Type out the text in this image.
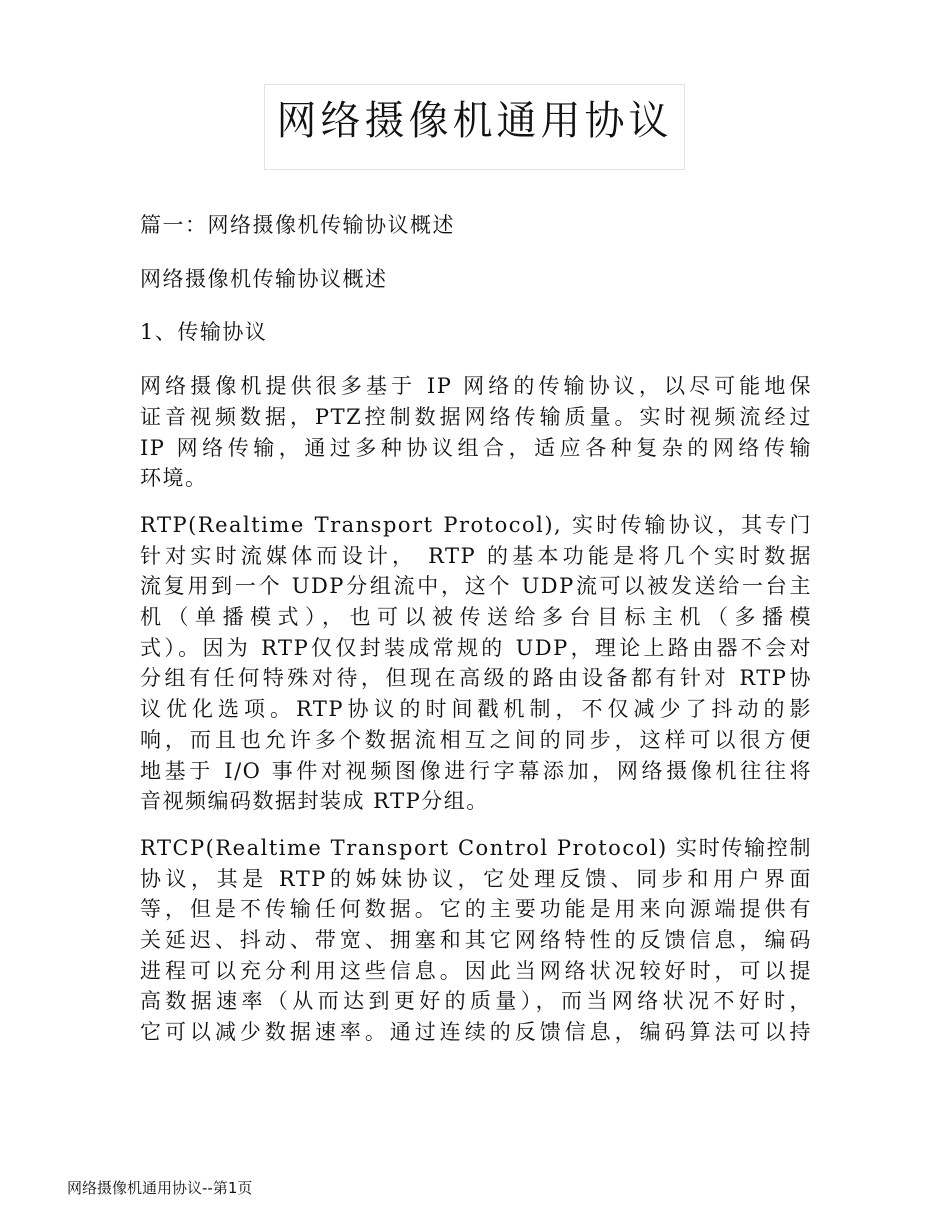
网络摄像机通用协议
篇一：网络摄像机传输协议概述
网络摄像机传输协议概述
1、传输协议
网络摄像机提供很多基于 IP 网络的传输协议，以尽可能地保
证音视频数据，PTZ控制数据网络传输质量。实时视频流经过
IP 网络传输，通过多种协议组合，适应各种复杂的网络传输
环境。
RTP(Realtime Transport Protocol), 实时传输协议，其专门
针对实时流媒体而设计， RTP 的基本功能是将几个实时数据
流复用到一个 UDP分组流中，这个 UDP流可以被发送给一台主
机（单播模式），也可以被传送给多台目标主机（多播模
式）。因为 RTP仅仅封装成常规的 UDP，理论上路由器不会对
分组有任何特殊对待，但现在高级的路由设备都有针对 RTP协
议优化选项。RTP协议的时间戳机制，不仅减少了抖动的影
响，而且也允许多个数据流相互之间的同步，这样可以很方便
地基于 I/O 事件对视频图像进行字幕添加，网络摄像机往往将
音视频编码数据封装成 RTP分组。
RTCP(Realtime Transport Control Protocol) 实时传输控制
协议，其是 RTP的姊妹协议，它处理反馈、同步和用户界面
等，但是不传输任何数据。它的主要功能是用来向源端提供有
关延迟、抖动、带宽、拥塞和其它网络特性的反馈信息，编码
进程可以充分利用这些信息。因此当网络状况较好时，可以提
高数据速率（从而达到更好的质量），而当网络状况不好时，
它可以减少数据速率。通过连续的反馈信息，编码算法可以持
网络摄像机通用协议--第1页
